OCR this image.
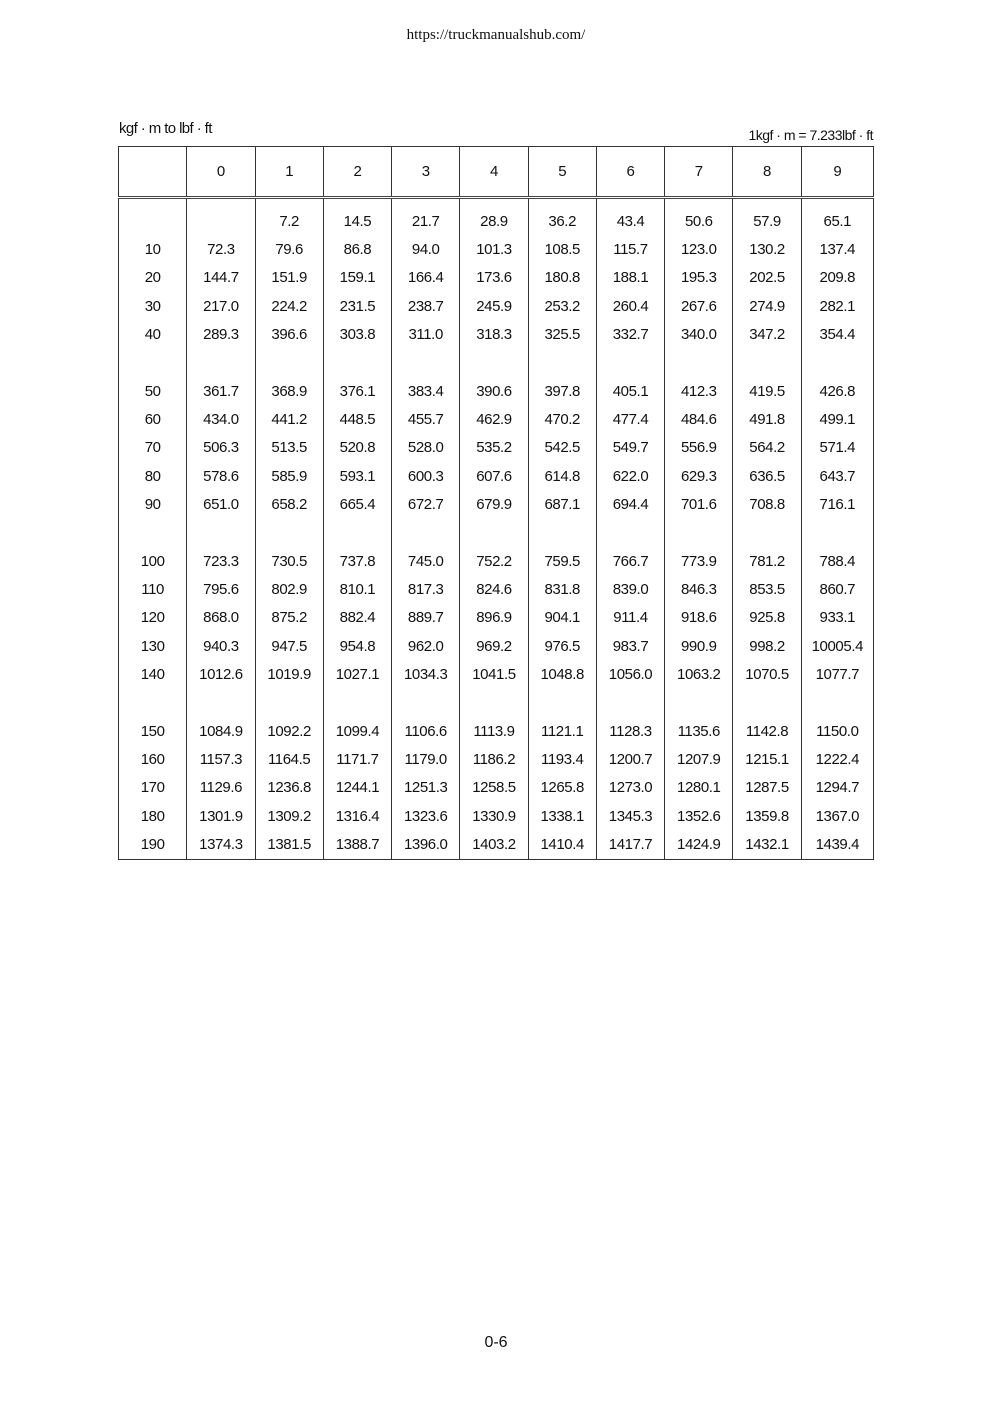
https://truckmanualshub.com/
kgf · m to lbf · ft	1kgf · m = 7.233lbf · ft
	0	1	2	3	4	5	6	7	8	9
		7.2	14.5	21.7	28.9	36.2	43.4	50.6	57.9	65.1
10	72.3	79.6	86.8	94.0	101.3	108.5	115.7	123.0	130.2	137.4
20	144.7	151.9	159.1	166.4	173.6	180.8	188.1	195.3	202.5	209.8
30	217.0	224.2	231.5	238.7	245.9	253.2	260.4	267.6	274.9	282.1
40	289.3	396.6	303.8	311.0	318.3	325.5	332.7	340.0	347.2	354.4

50	361.7	368.9	376.1	383.4	390.6	397.8	405.1	412.3	419.5	426.8
60	434.0	441.2	448.5	455.7	462.9	470.2	477.4	484.6	491.8	499.1
70	506.3	513.5	520.8	528.0	535.2	542.5	549.7	556.9	564.2	571.4
80	578.6	585.9	593.1	600.3	607.6	614.8	622.0	629.3	636.5	643.7
90	651.0	658.2	665.4	672.7	679.9	687.1	694.4	701.6	708.8	716.1

100	723.3	730.5	737.8	745.0	752.2	759.5	766.7	773.9	781.2	788.4
110	795.6	802.9	810.1	817.3	824.6	831.8	839.0	846.3	853.5	860.7
120	868.0	875.2	882.4	889.7	896.9	904.1	911.4	918.6	925.8	933.1
130	940.3	947.5	954.8	962.0	969.2	976.5	983.7	990.9	998.2	10005.4
140	1012.6	1019.9	1027.1	1034.3	1041.5	1048.8	1056.0	1063.2	1070.5	1077.7

150	1084.9	1092.2	1099.4	1106.6	1113.9	1121.1	1128.3	1135.6	1142.8	1150.0
160	1157.3	1164.5	1171.7	1179.0	1186.2	1193.4	1200.7	1207.9	1215.1	1222.4
170	1129.6	1236.8	1244.1	1251.3	1258.5	1265.8	1273.0	1280.1	1287.5	1294.7
180	1301.9	1309.2	1316.4	1323.6	1330.9	1338.1	1345.3	1352.6	1359.8	1367.0
190	1374.3	1381.5	1388.7	1396.0	1403.2	1410.4	1417.7	1424.9	1432.1	1439.4
0-6
